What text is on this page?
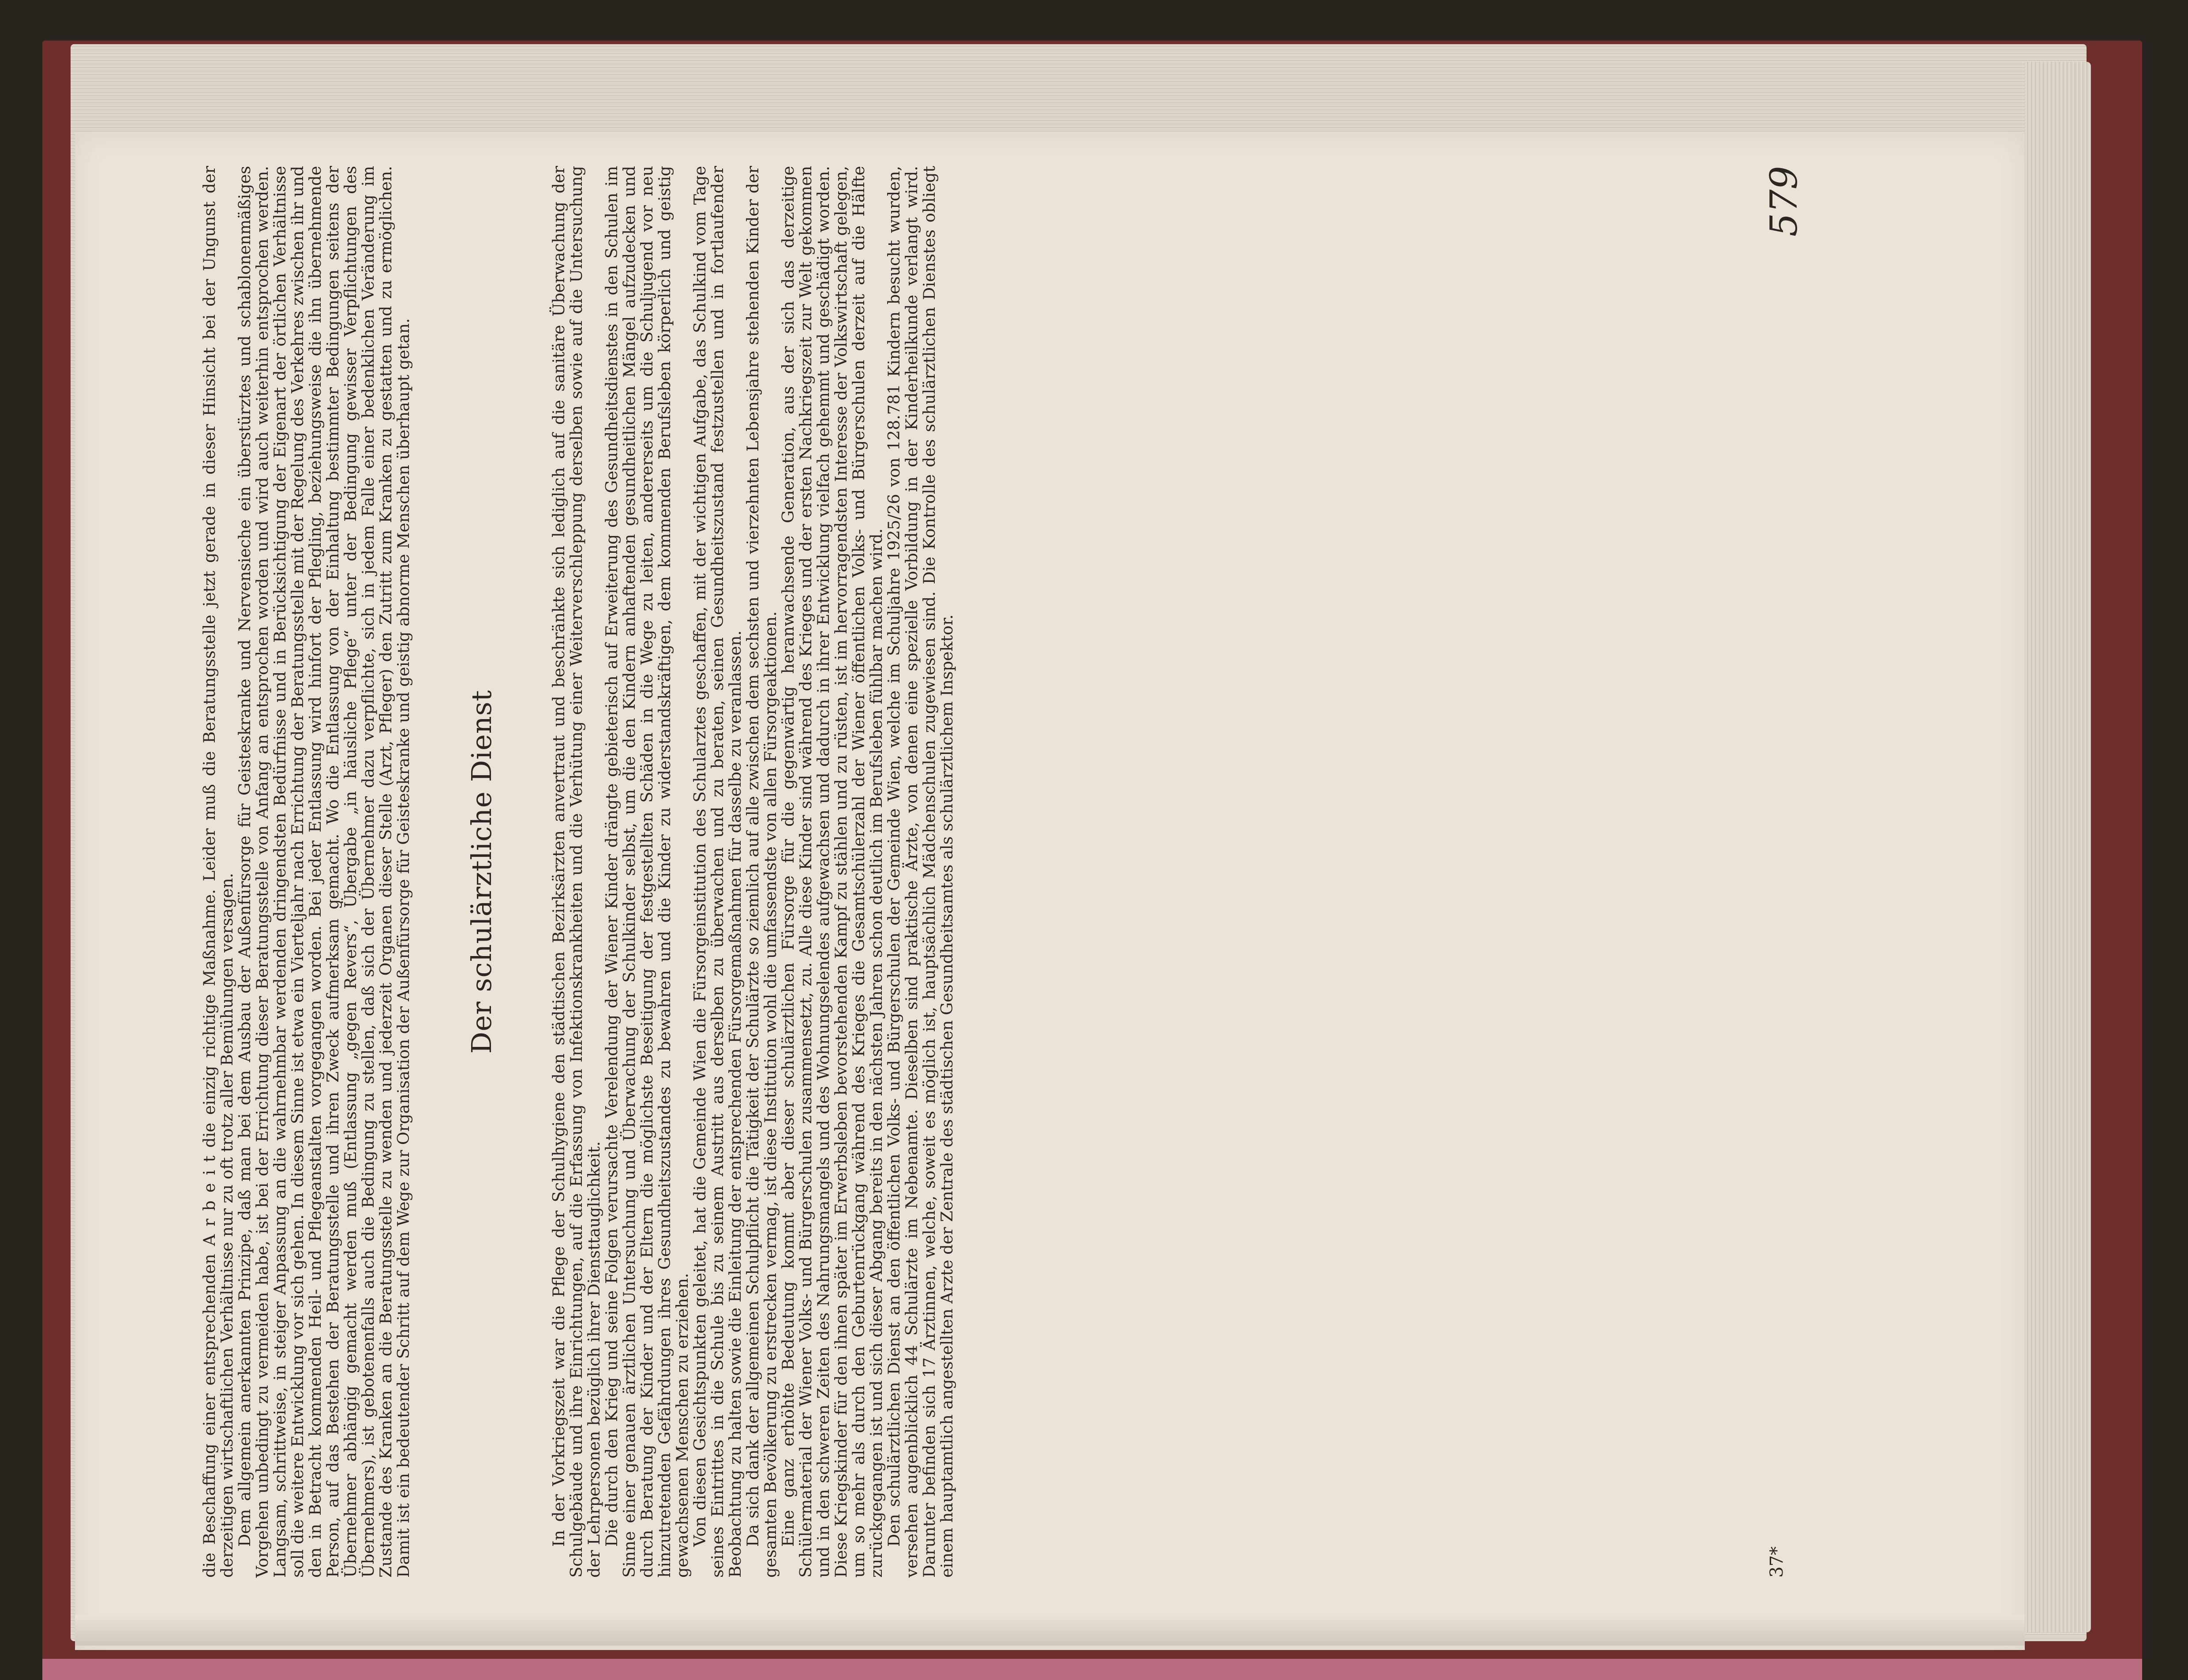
die Beschaffung einer entsprechenden A r b e i t die einzig richtige Maßnahme. Leider muß die Beratungsstelle jetzt gerade in dieser Hinsicht bei der Ungunst der derzeitigen wirtschaftlichen Verhältnisse nur zu oft trotz aller Bemühungen versagen.

Dem allgemein anerkannten Prinzipe, daß man bei dem Ausbau der Außenfürsorge für Geisteskranke und Nervensieche ein überstürztes und schablonenmäßiges Vorgehen unbedingt zu vermeiden habe, ist bei der Errichtung dieser Beratungsstelle von Anfang an entsprochen worden und wird auch weiterhin entsprochen werden. Langsam, schrittweise, in steiger Anpassung an die wahrnehmbar werdenden dringendsten Bedürfnisse und in Berücksichtigung der Eigenart der örtlichen Verhältnisse soll die weitere Entwicklung vor sich gehen. In diesem Sinne ist etwa ein Vierteljahr nach Errichtung der Beratungsstelle mit der Regelung des Verkehres zwischen ihr und den in Betracht kommenden Heil- und Pflegeanstalten vorgegangen worden. Bei jeder Entlassung wird hinfort der Pflegling, beziehungsweise die ihn übernehmende Person, auf das Bestehen der Beratungsstelle und ihren Zweck aufmerksam gemacht. Wo die Entlassung von der Einhaltung bestimmter Bedingungen seitens der Übernehmer abhängig gemacht werden muß (Entlassung „gegen Revers“, Übergabe „in häusliche Pflege“ unter der Bedingung gewisser Verpflichtungen des Übernehmers), ist gebotenenfalls auch die Bedingung zu stellen, daß sich der Übernehmer dazu verpflichte, sich in jedem Falle einer bedenklichen Veränderung im Zustande des Kranken an die Beratungsstelle zu wenden und jederzeit Organen dieser Stelle (Arzt, Pfleger) den Zutritt zum Kranken zu gestatten und zu ermöglichen. Damit ist ein bedeutender Schritt auf dem Wege zur Organisation der Außenfürsorge für Geisteskranke und geistig abnorme Menschen überhaupt getan. Der schulärztliche Dienst	In der Vorkriegszeit war die Pflege der Schulhygiene den städtischen Bezirksärzten anvertraut und beschränkte sich lediglich auf die sanitäre Überwachung der Schulgebäude und ihre Einrichtungen, auf die Erfassung von Infektionskrankheiten und die Verhütung einer Weiterverschleppung derselben sowie auf die Untersuchung der Lehrpersonen bezüglich ihrer Diensttauglichkeit.

Die durch den Krieg und seine Folgen verursachte Verelendung der Wiener Kinder drängte gebieterisch auf Erweiterung des Gesundheitsdienstes in den Schulen im Sinne einer genauen ärztlichen Untersuchung und Überwachung der Schulkinder selbst, um die den Kindern anhaftenden gesundheitlichen Mängel aufzudecken und durch Beratung der Kinder und der Eltern die möglichste Beseitigung der festgestellten Schäden in die Wege zu leiten, andererseits um die Schuljugend vor neu hinzutretenden Gefährdungen ihres Gesundheitszustandes zu bewahren und die Kinder zu widerstandskräftigen, dem kommenden Berufsleben körperlich und geistig gewachsenen Menschen zu erziehen.

Von diesen Gesichtspunkten geleitet, hat die Gemeinde Wien die Fürsorgeinstitution des Schularztes geschaffen, mit der wichtigen Aufgabe, das Schulkind vom Tage seines Eintrittes in die Schule bis zu seinem Austritt aus derselben zu überwachen und zu beraten, seinen Gesundheitszustand festzustellen und in fortlaufender Beobachtung zu halten sowie die Einleitung der entsprechenden Fürsorgemaßnahmen für dasselbe zu veranlassen.

Da sich dank der allgemeinen Schulpflicht die Tätigkeit der Schulärzte so ziemlich auf alle zwischen dem sechsten und vierzehnten Lebensjahre stehenden Kinder der gesamten Bevölkerung zu erstrecken vermag, ist diese Institution wohl die umfassendste von allen Fürsorgeaktionen.

Eine ganz erhöhte Bedeutung kommt aber dieser schulärztlichen Fürsorge für die gegenwärtig heranwachsende Generation, aus der sich das derzeitige Schülermaterial der Wiener Volks- und Bürgerschulen zusammensetzt, zu. Alle diese Kinder sind während des Krieges und der ersten Nachkriegszeit zur Welt gekommen und in den schweren Zeiten des Nahrungsmangels und des Wohnungselendes aufgewachsen und dadurch in ihrer Entwicklung vielfach gehemmt und geschädigt worden. Diese Kriegskinder für den ihnen später im Erwerbsleben bevorstehenden Kampf zu stählen und zu rüsten, ist im hervorragendsten Interesse der Volkswirtschaft gelegen, um so mehr als durch den Geburtenrückgang während des Krieges die Gesamtschülerzahl der Wiener öffentlichen Volks- und Bürgerschulen derzeit auf die Hälfte zurückgegangen ist und sich dieser Abgang bereits in den nächsten Jahren schon deutlich im Berufsleben fühlbar machen wird.

Den schulärztlichen Dienst an den öffentlichen Volks- und Bürgerschulen der Gemeinde Wien, welche im Schuljahre 1925/26 von 128.781 Kindern besucht wurden, versehen augenblicklich 44 Schulärzte im Nebenamte. Dieselben sind praktische Ärzte, von denen eine spezielle Vorbildung in der Kinderheilkunde verlangt wird. Darunter befinden sich 17 Ärztinnen, welche, soweit es möglich ist, hauptsächlich Mädchenschulen zugewiesen sind. Die Kontrolle des schulärztlichen Dienstes obliegt einem hauptamtlich angestellten Arzte der Zentrale des städtischen Gesundheitsamtes als schulärztlichem Inspektor.	37*
579
